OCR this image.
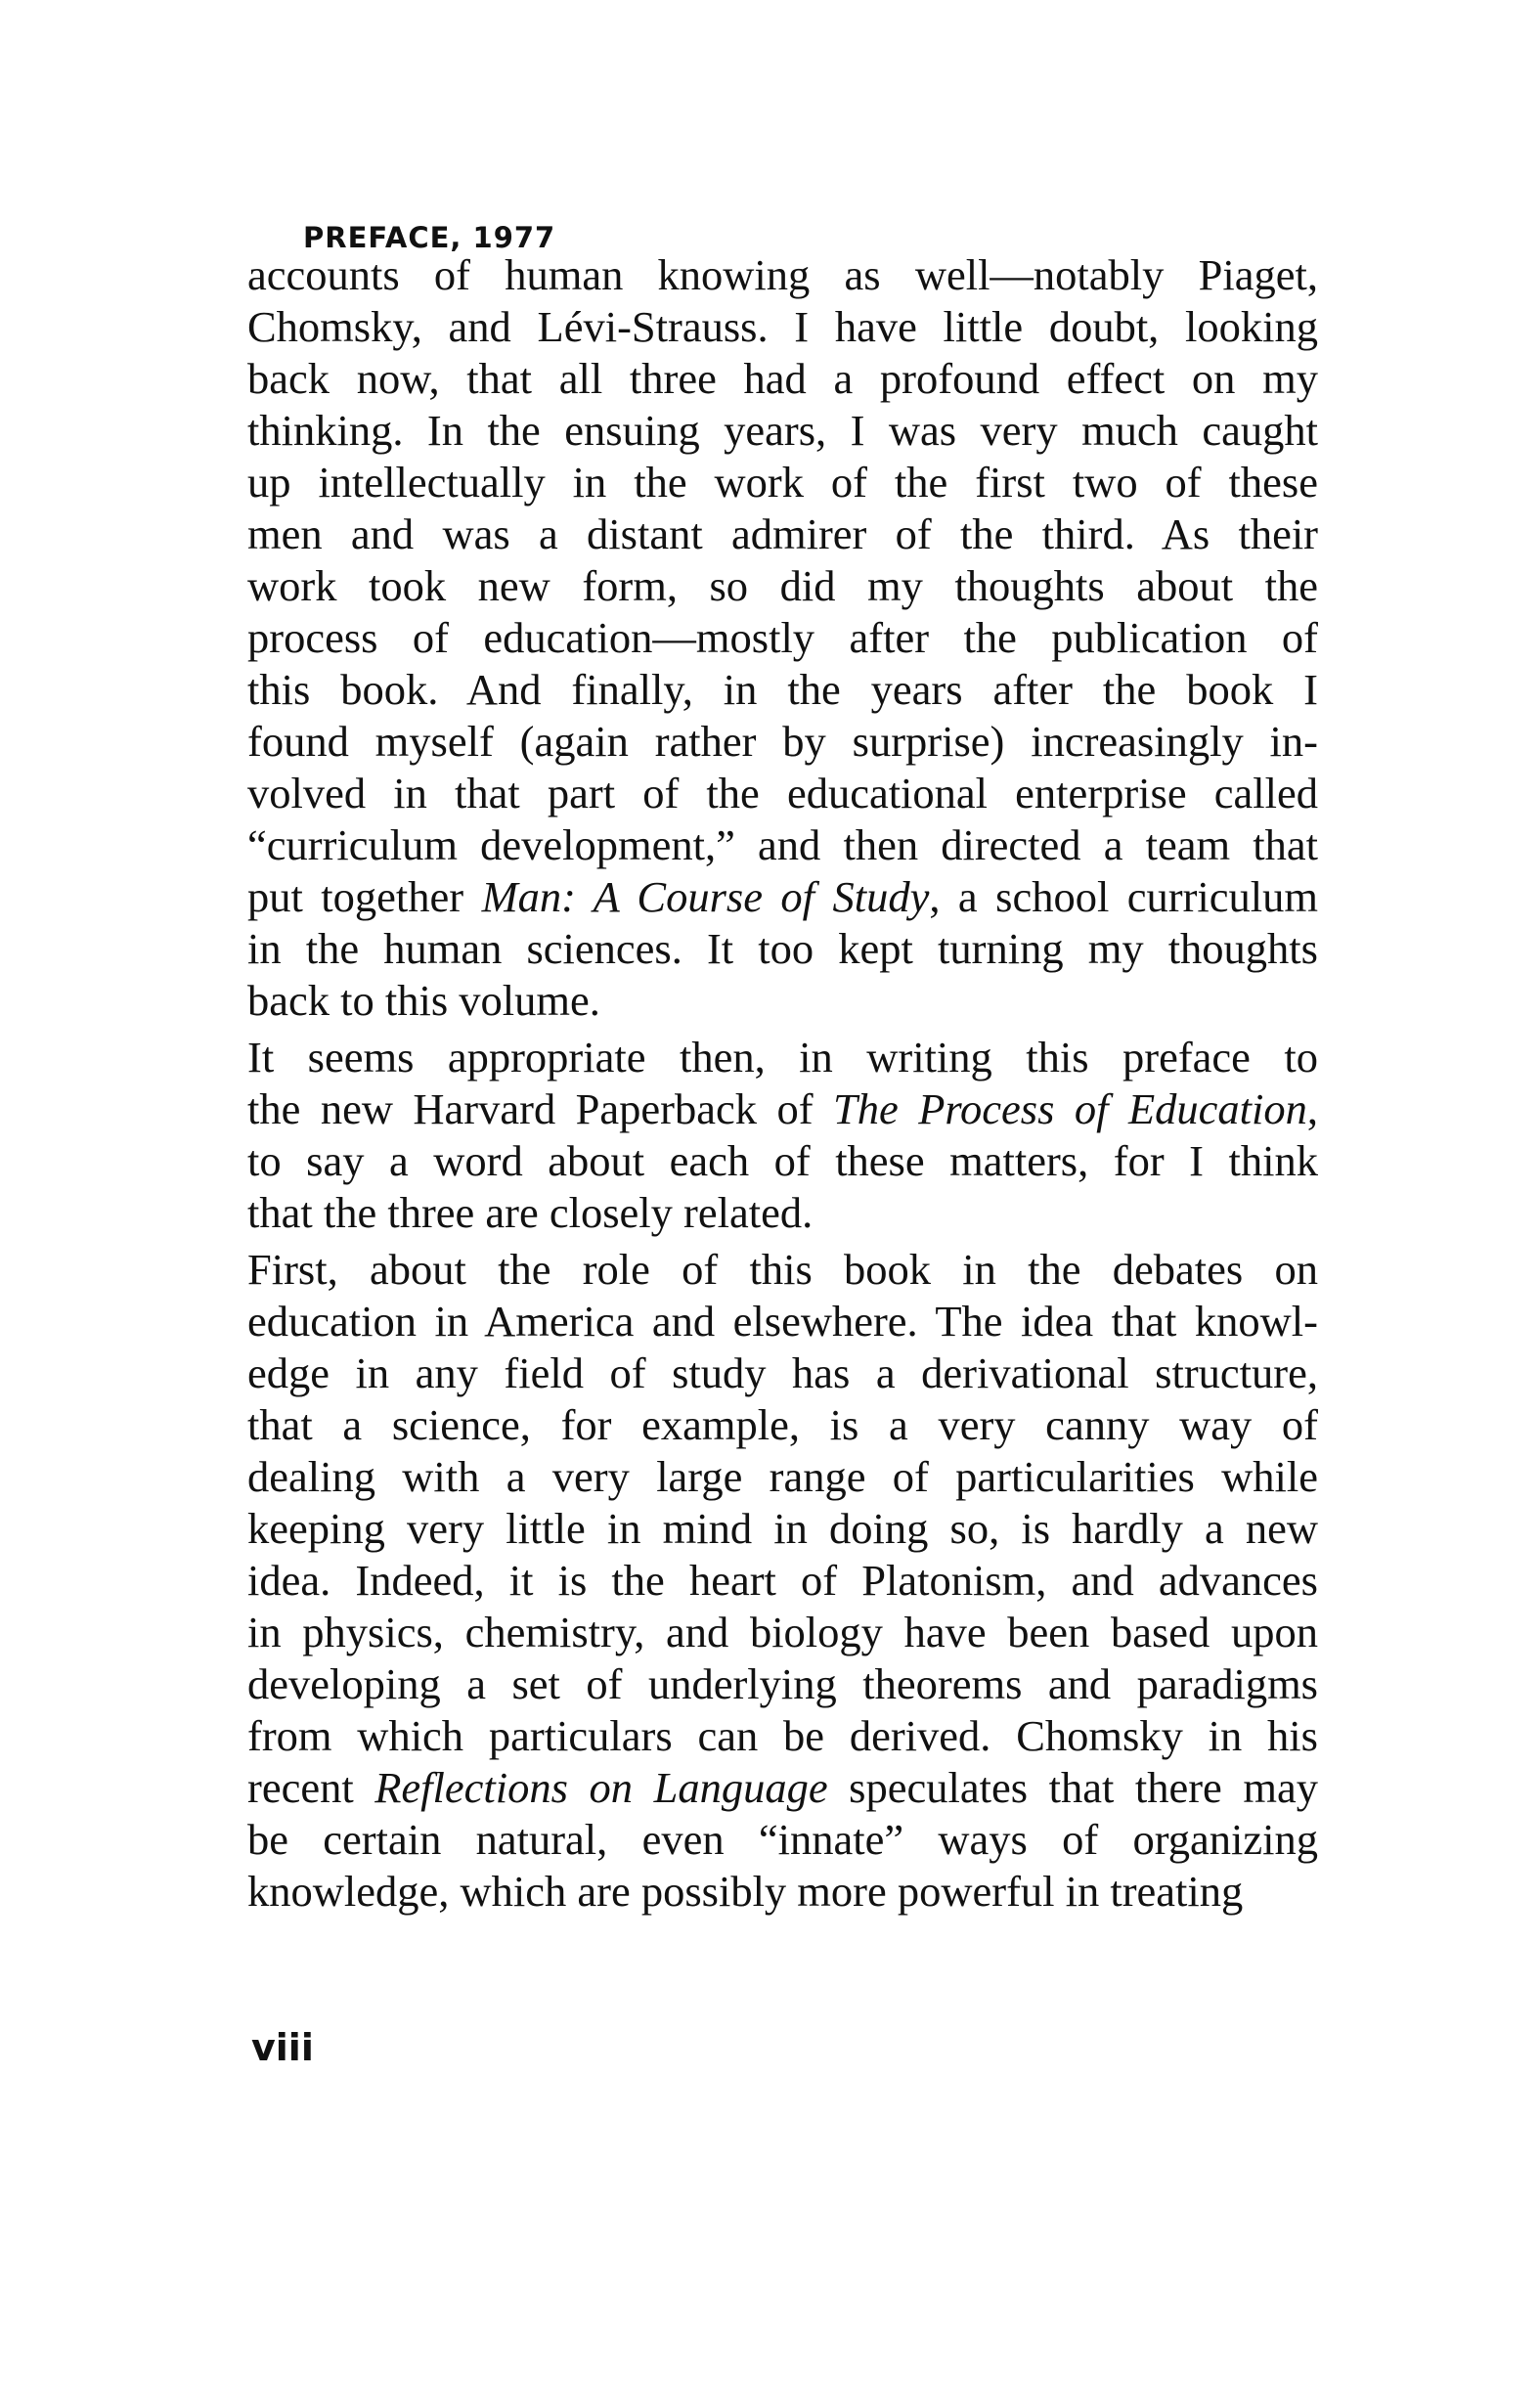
PREFACE, 1977
accounts of human knowing as well—notably Piaget,
Chomsky, and Lévi-Strauss. I have little doubt, looking
back now, that all three had a profound effect on my
thinking. In the ensuing years, I was very much caught
up intellectually in the work of the first two of these
men and was a distant admirer of the third. As their
work took new form, so did my thoughts about the
process of education—mostly after the publication of
this book. And finally, in the years after the book I
found myself (again rather by surprise) increasingly in-
volved in that part of the educational enterprise called
“curriculum development,” and then directed a team that
put together Man: A Course of Study, a school curriculum
in the human sciences. It too kept turning my thoughts
back to this volume.
It seems appropriate then, in writing this preface to
the new Harvard Paperback of The Process of Education,
to say a word about each of these matters, for I think
that the three are closely related.
First, about the role of this book in the debates on
education in America and elsewhere. The idea that knowl-
edge in any field of study has a derivational structure,
that a science, for example, is a very canny way of
dealing with a very large range of particularities while
keeping very little in mind in doing so, is hardly a new
idea. Indeed, it is the heart of Platonism, and advances
in physics, chemistry, and biology have been based upon
developing a set of underlying theorems and paradigms
from which particulars can be derived. Chomsky in his
recent Reflections on Language speculates that there may
be certain natural, even “innate” ways of organizing
knowledge, which are possibly more powerful in treating
viii
